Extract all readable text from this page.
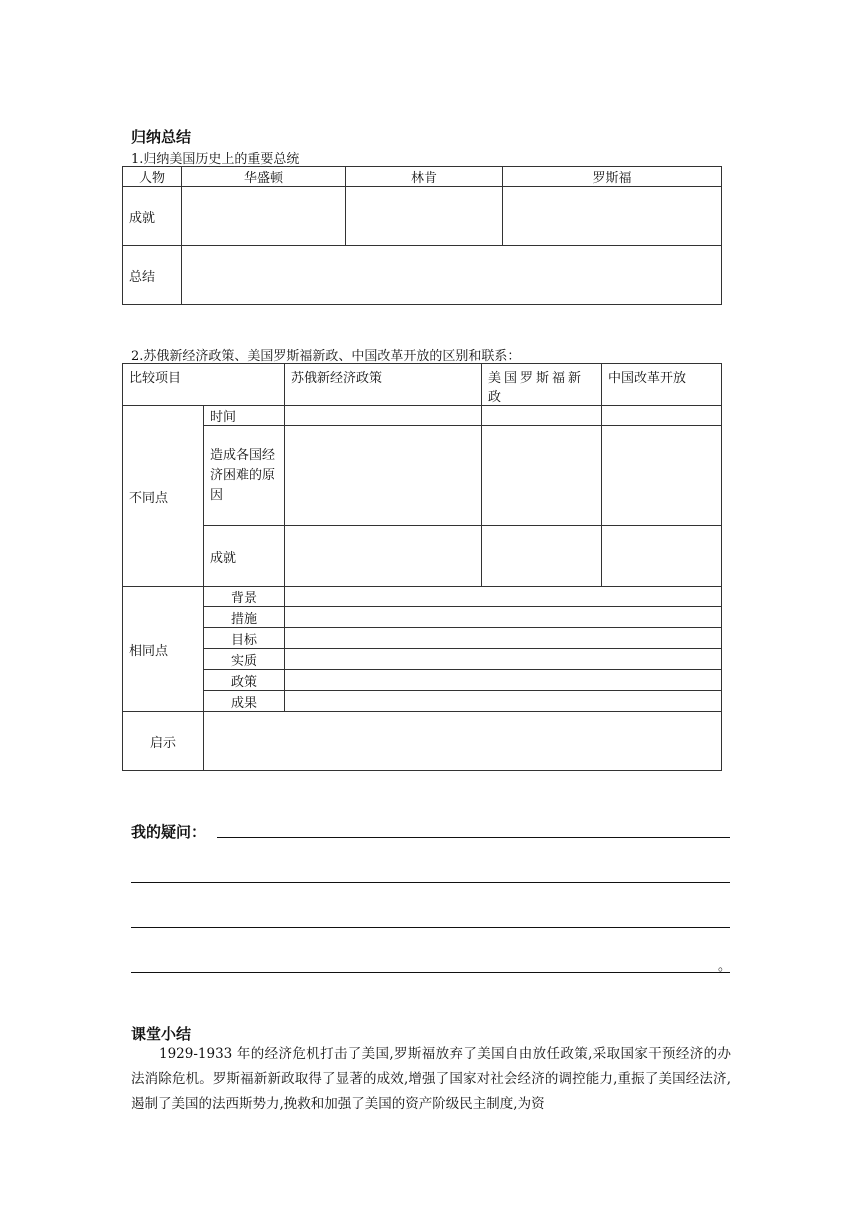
归纳总结
1.归纳美国历史上的重要总统
人物	华盛顿	林肯	罗斯福
成就			
总结			
2.苏俄新经济政策、美国罗斯福新政、中国改革开放的区别和联系：
比较项目		苏俄新经济政策	美国罗斯福新政	中国改革开放
不同点	时间			
	造成各国经济困难的原因			
	成就			
相同点	背景			
	措施			
	目标			
	实质			
	政策			
	成果			
启示				
我的疑问：
。
课堂小结
1929-1933 年的经济危机打击了美国,罗斯福放弃了美国自由放任政策,采取国家干预经济的办法消除危机。罗斯福新新政取得了显著的成效,增强了国家对社会经济的调控能力,重振了美国经法济,遏制了美国的法西斯势力,挽救和加强了美国的资产阶级民主制度,为资
